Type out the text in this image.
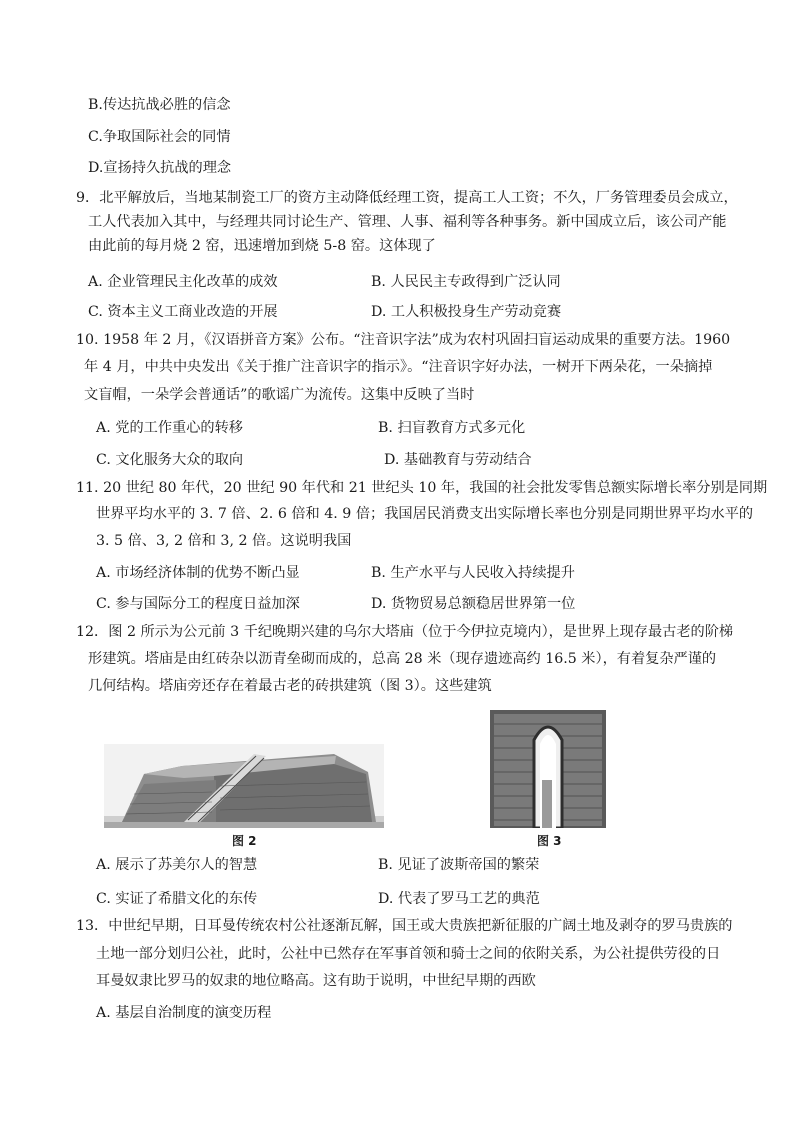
B.传达抗战必胜的信念
C.争取国际社会的同情
D.宣扬持久抗战的理念
9．北平解放后，当地某制瓷工厂的资方主动降低经理工资，提高工人工资；不久，厂务管理委员会成立，
工人代表加入其中，与经理共同讨论生产、管理、人事、福利等各种事务。新中国成立后，该公司产能
由此前的每月烧 2 窑，迅速增加到烧 5-8 窑。这体现了
A. 企业管理民主化改革的成效	B. 人民民主专政得到广泛认同
C. 资本主义工商业改造的开展	D. 工人积极投身生产劳动竞赛
10. 1958 年 2 月，《汉语拼音方案》公布。“注音识字法”成为农村巩固扫盲运动成果的重要方法。1960
年 4 月，中共中央发出《关于推广注音识字的指示》。“注音识字好办法，一树开下两朵花，一朵摘掉
文盲帽，一朵学会普通话”的歌谣广为流传。这集中反映了当时
A. 党的工作重心的转移	B. 扫盲教育方式多元化
C. 文化服务大众的取向	D. 基础教育与劳动结合
11. 20 世纪 80 年代，20 世纪 90 年代和 21 世纪头 10 年，我国的社会批发零售总额实际增长率分别是同期
世界平均水平的 3. 7 倍、2. 6 倍和 4. 9 倍；我国居民消费支出实际增长率也分别是同期世界平均水平的
3. 5 倍、3, 2 倍和 3, 2 倍。这说明我国
A. 市场经济体制的优势不断凸显	B. 生产水平与人民收入持续提升
C. 参与国际分工的程度日益加深	D. 货物贸易总额稳居世界第一位
12．图 2 所示为公元前 3 千纪晚期兴建的乌尔大塔庙（位于今伊拉克境内），是世界上现存最古老的阶梯
形建筑。塔庙是由红砖杂以沥青垒砌而成的，总高 28 米（现存遗迹高约 16.5 米），有着复杂严谨的
几何结构。塔庙旁还存在着最古老的砖拱建筑（图 3）。这些建筑
图 2	图 3
A. 展示了苏美尔人的智慧	B. 见证了波斯帝国的繁荣
C. 实证了希腊文化的东传	D. 代表了罗马工艺的典范
13．中世纪早期，日耳曼传统农村公社逐渐瓦解，国王或大贵族把新征服的广阔土地及剥夺的罗马贵族的
土地一部分划归公社，此时，公社中已然存在军事首领和骑士之间的依附关系，为公社提供劳役的日
耳曼奴隶比罗马的奴隶的地位略高。这有助于说明，中世纪早期的西欧
A. 基层自治制度的演变历程
